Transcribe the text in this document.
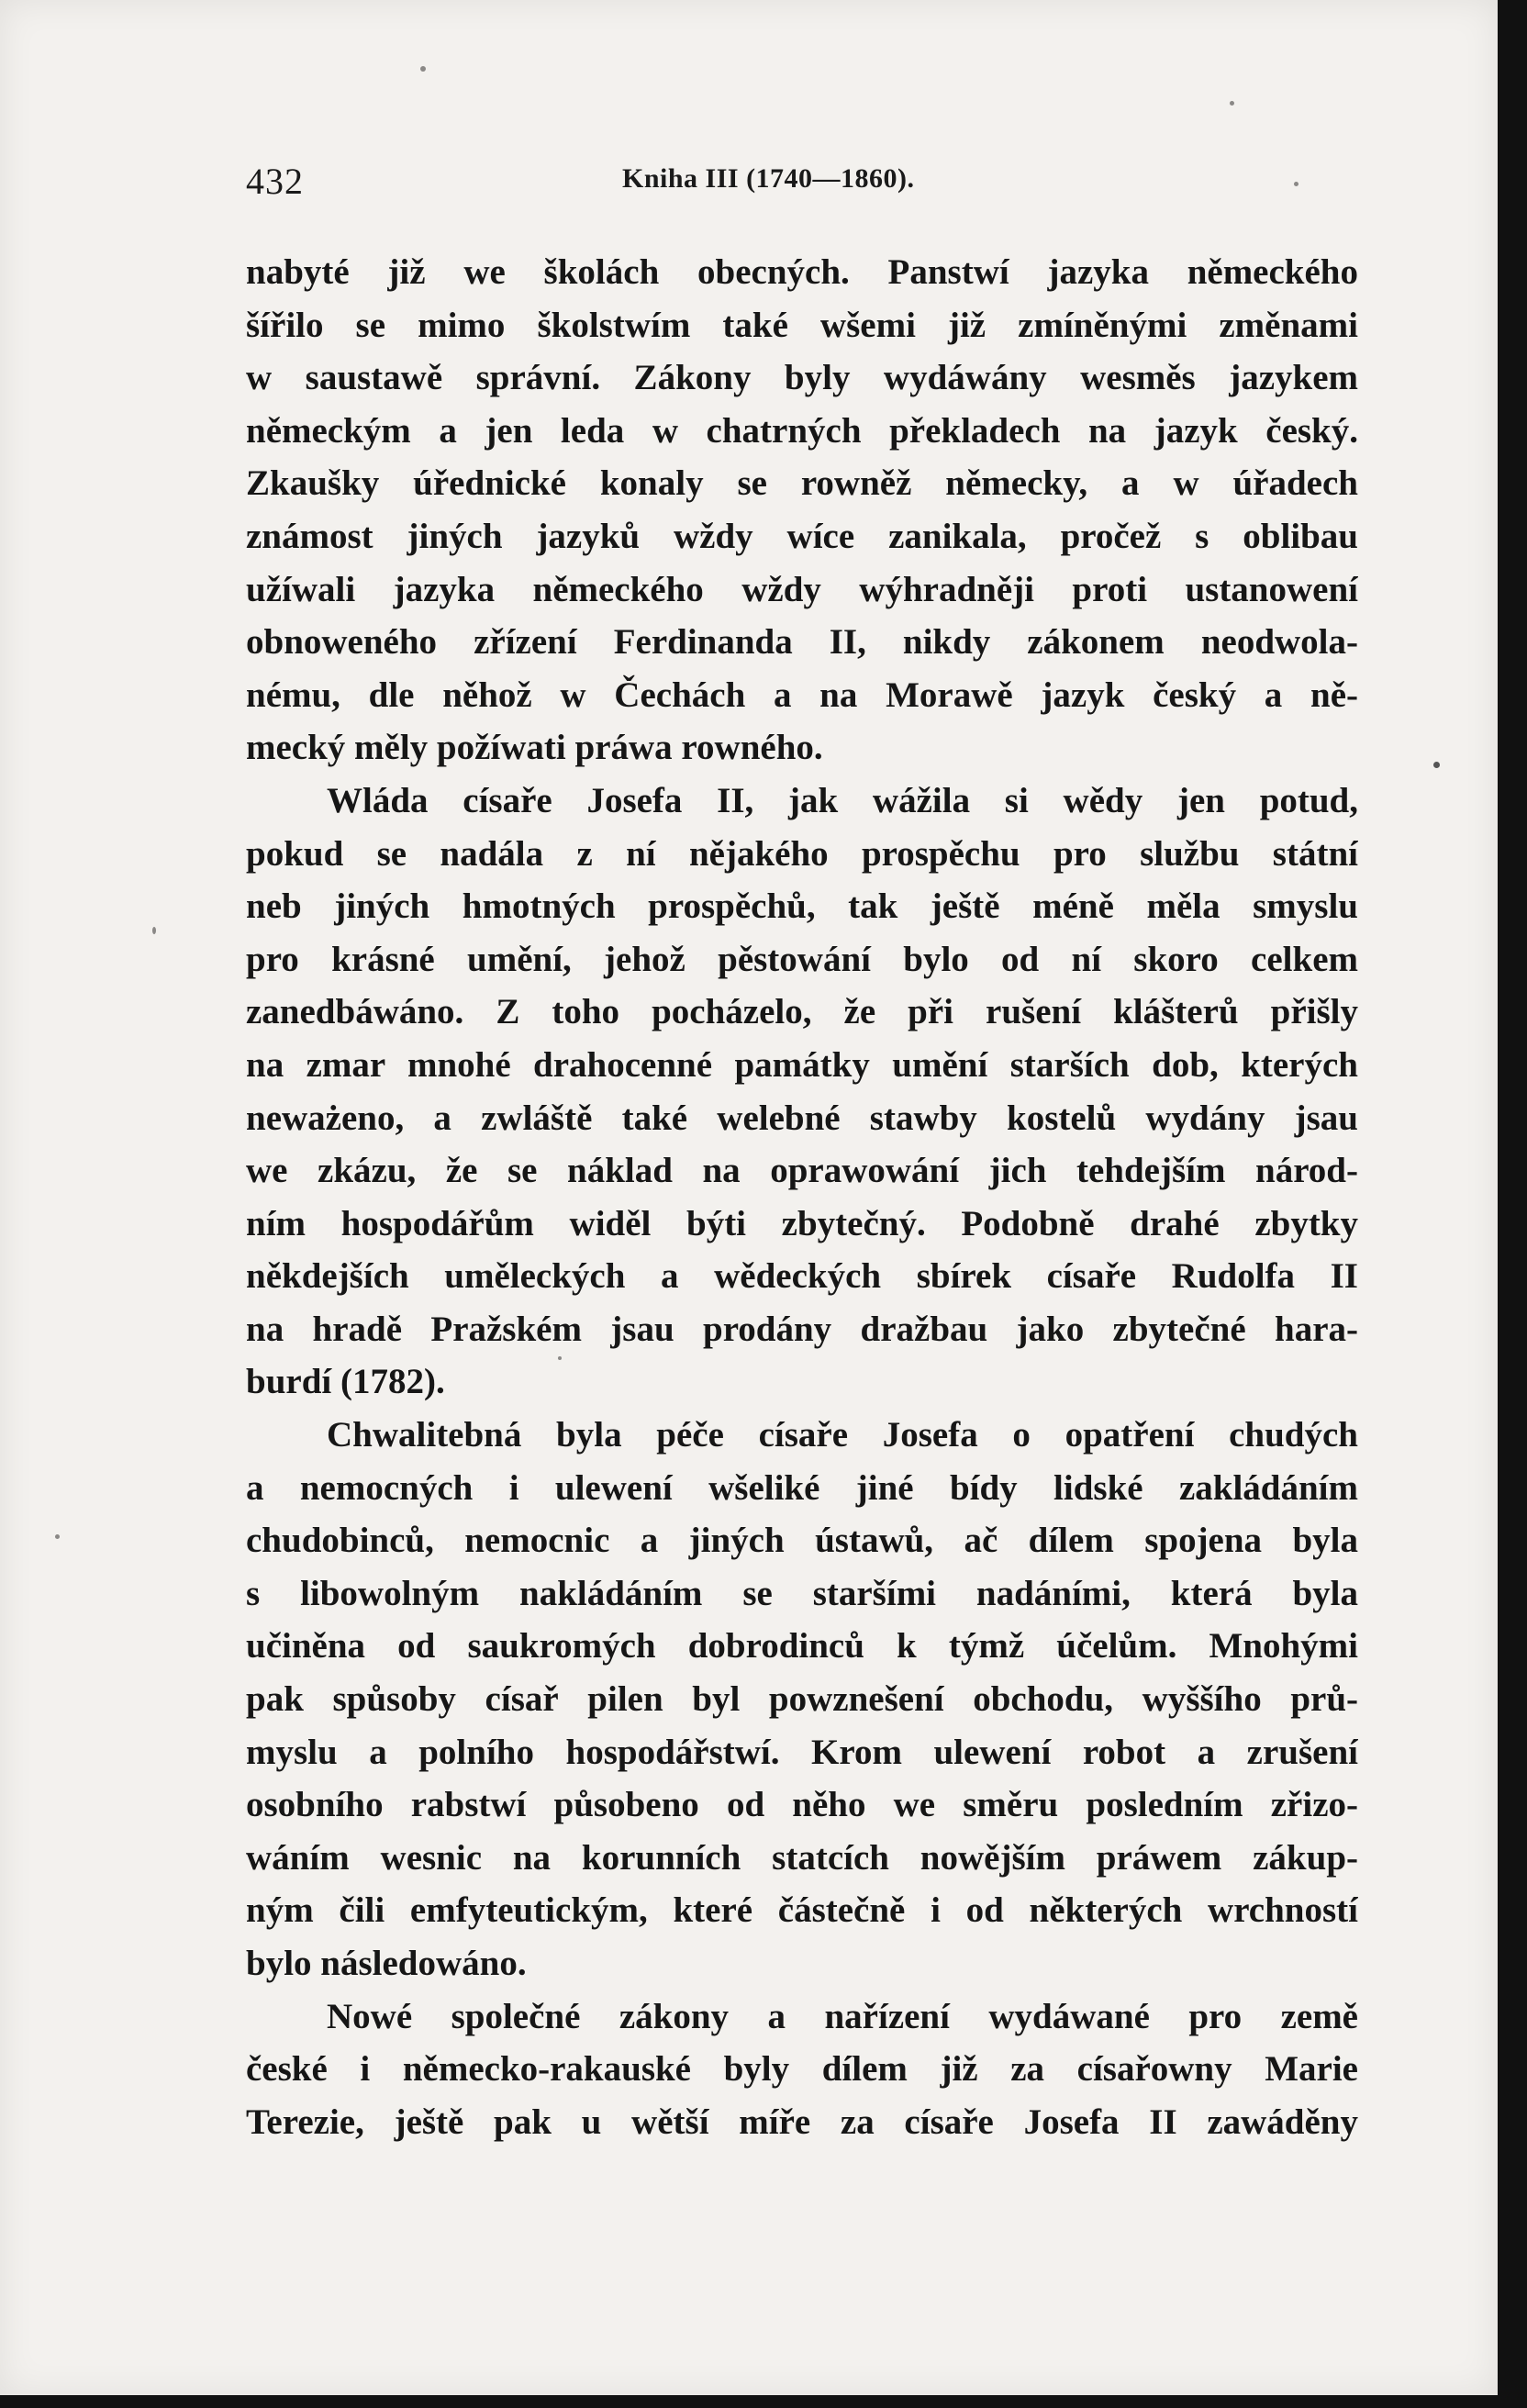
432	Kniha III (1740—1860).
nabyté již we školách obecných. Panstwí jazyka německého
šířilo se mimo školstwím také wšemi již zmíněnými změnami
w saustawě správní. Zákony byly wydáwány wesměs jazykem
německým a jen leda w chatrných překladech na jazyk český.
Zkaušky úřednické konaly se rowněž německy, a w úřadech
známost jiných jazyků wždy wíce zanikala, pročež s oblibau
užíwali jazyka německého wždy wýhradněji proti ustanowení
obnoweného zřízení Ferdinanda II, nikdy zákonem neodwola-
nému, dle něhož w Čechách a na Morawě jazyk český a ně-
mecký měly požíwati práwa rowného.
Wláda císaře Josefa II, jak wážila si wědy jen potud,
pokud se nadála z ní nějakého prospěchu pro službu státní
neb jiných hmotných prospěchů, tak ještě méně měla smyslu
pro krásné umění, jehož pěstowání bylo od ní skoro celkem
zanedbáwáno. Z toho pocházelo, že při rušení klášterů přišly
na zmar mnohé drahocenné památky umění starších dob, kterých
neważeno, a zwláště také welebné stawby kostelů wydány jsau
we zkázu, že se náklad na oprawowání jich tehdejším národ-
ním hospodářům widěl býti zbytečný. Podobně drahé zbytky
někdejších uměleckých a wědeckých sbírek císaře Rudolfa II
na hradě Pražském jsau prodány dražbau jako zbytečné hara-
burdí (1782).
Chwalitebná byla péče císaře Josefa o opatření chudých
a nemocných i ulewení wšeliké jiné bídy lidské zakládáním
chudobinců, nemocnic a jiných ústawů, ač dílem spojena byla
s libowolným nakládáním se staršími nadáními, která byla
učiněna od saukromých dobrodinců k týmž účelům. Mnohými
pak spůsoby císař pilen byl powznešení obchodu, wyššího prů-
myslu a polního hospodářstwí. Krom ulewení robot a zrušení
osobního rabstwí působeno od něho we směru posledním zřizo-
wáním wesnic na korunních statcích nowějším práwem zákup-
ným čili emfyteutickým, které částečně i od některých wrchností
bylo následowáno.
Nowé společné zákony a nařízení wydáwané pro země
české i německo-rakauské byly dílem již za císařowny Marie
Terezie, ještě pak u wětší míře za císaře Josefa II zawáděny
